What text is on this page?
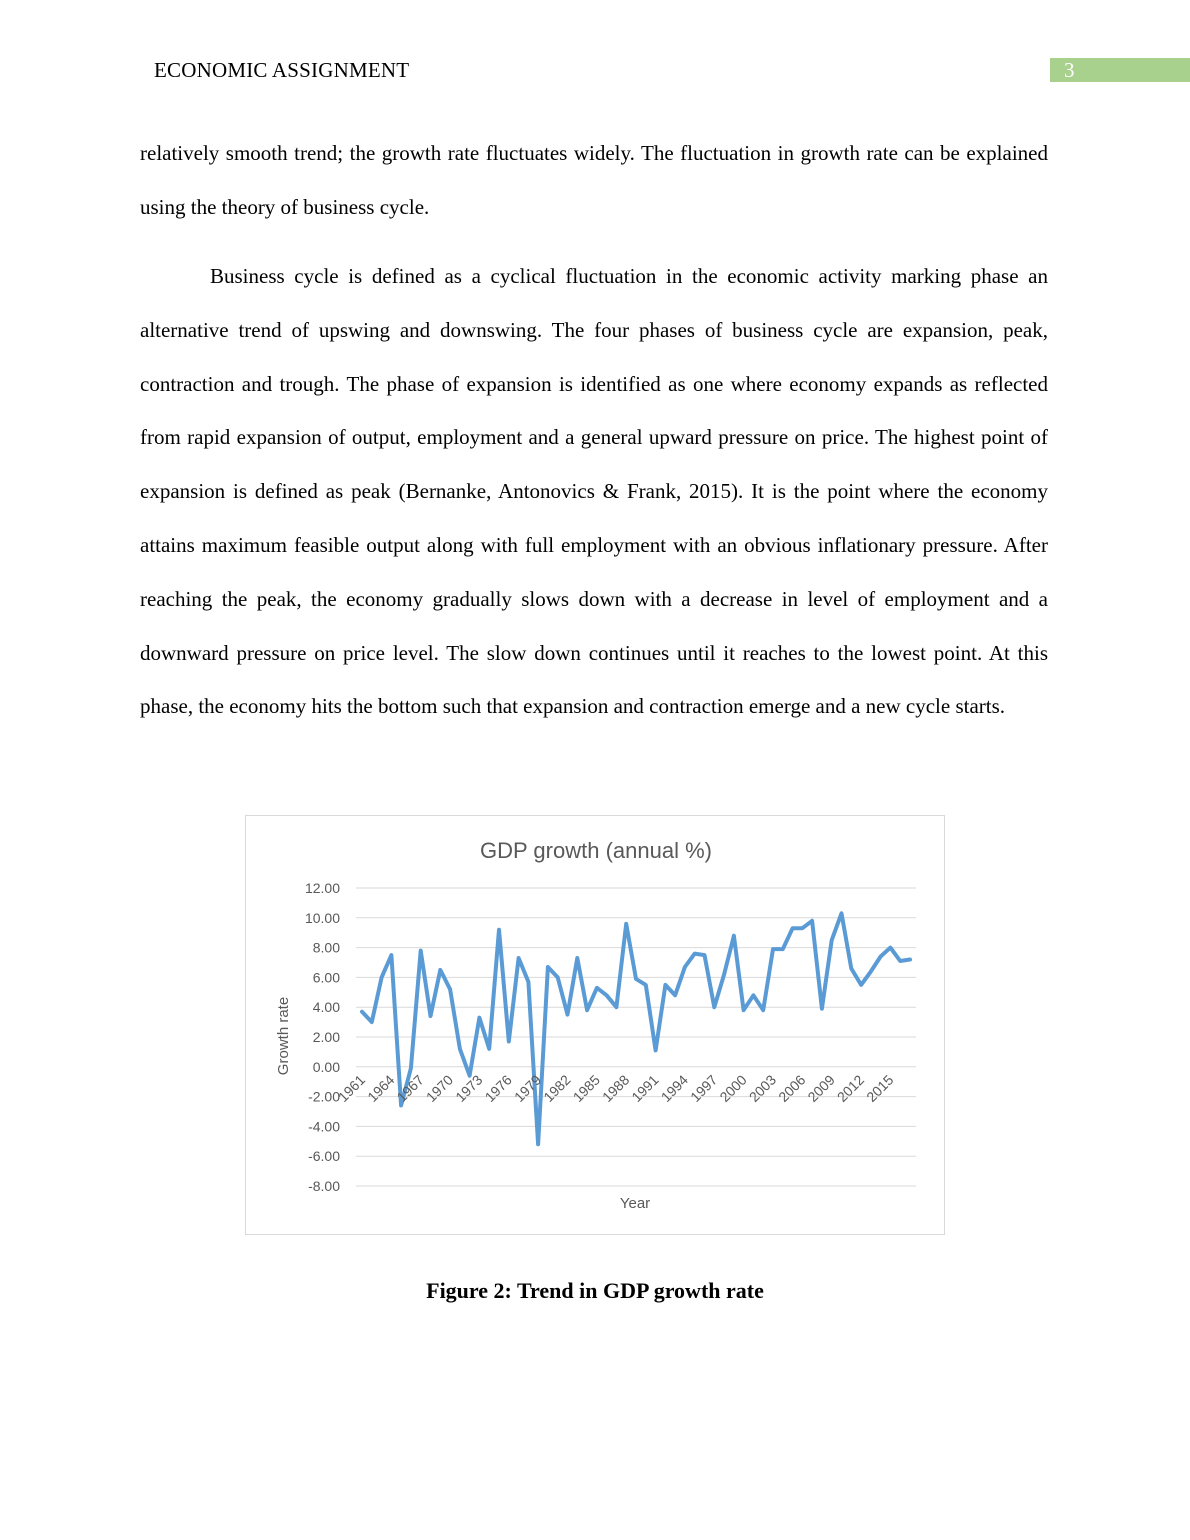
ECONOMIC ASSIGNMENT	3

relatively smooth trend; the growth rate fluctuates widely. The fluctuation in growth rate can be explained using the theory of business cycle.

Business cycle is defined as a cyclical fluctuation in the economic activity marking phase an alternative trend of upswing and downswing. The four phases of business cycle are expansion, peak, contraction and trough. The phase of expansion is identified as one where economy expands as reflected from rapid expansion of output, employment and a general upward pressure on price. The highest point of expansion is defined as peak (Bernanke, Antonovics & Frank, 2015). It is the point where the economy attains maximum feasible output along with full employment with an obvious inflationary pressure. After reaching the peak, the economy gradually slows down with a decrease in level of employment and a downward pressure on price level. The slow down continues until it reaches to the lowest point. At this phase, the economy hits the bottom such that expansion and contraction emerge and a new cycle starts.

GDP growth (annual %)
12.00
10.00
8.00
6.00
4.00
2.00
0.00
-2.00
-4.00
-6.00
-8.00
1961
1964
1967
1970
1973
1976
1979
1982
1985
1988
1991
1994
1997
2000
2003
2006
2009
2012
2015
Year
Growth rate
Figure 2: Trend in GDP growth rate
